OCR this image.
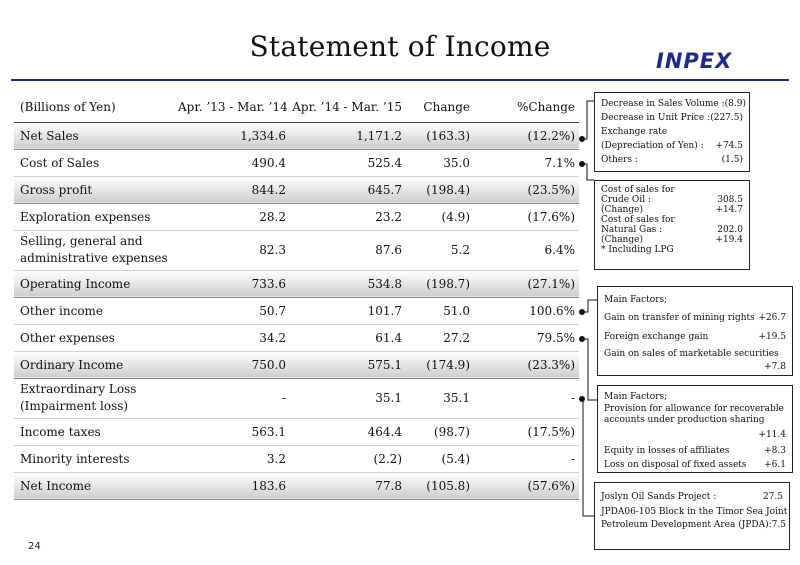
Statement of Income	INPEX
(Billions of Yen)	Apr. ’13 - Mar. ’14	Apr. ’14 - Mar. ’15	Change	%Change
Net Sales	1,334.6	1,171.2	(163.3)	(12.2%)
Cost of Sales	490.4	525.4	35.0	7.1%
Gross profit	844.2	645.7	(198.4)	(23.5%)
Exploration expenses	28.2	23.2	(4.9)	(17.6%)
Selling, general and administrative expenses	82.3	87.6	5.2	6.4%
Operating Income	733.6	534.8	(198.7)	(27.1%)
Other income	50.7	101.7	51.0	100.6%
Other expenses	34.2	61.4	27.2	79.5%
Ordinary Income	750.0	575.1	(174.9)	(23.3%)
Extraordinary Loss (Impairment loss)	-	35.1	35.1	-
Income taxes	563.1	464.4	(98.7)	(17.5%)
Minority interests	3.2	(2.2)	(5.4)	-
Net Income	183.6	77.8	(105.8)	(57.6%)
Decrease in Sales Volume : (8.9)
Decrease in Unit Price : (227.5)
Exchange rate
(Depreciation of Yen) : +74.5
Others :	(1.5)
Cost of sales for
Crude Oil :	308.5
(Change)	+14.7
Cost of sales for
Natural Gas :	202.0
(Change)	+19.4
* Including LPG
Main Factors;
Gain on transfer of mining rights +26.7
Foreign exchange gain	+19.5
Gain on sales of marketable securities
+7.8
Main Factors;
Provision for allowance for recoverable
accounts under production sharing
+11.4
Equity in losses of affiliates	+8.3
Loss on disposal of fixed assets +6.1
Joslyn Oil Sands Project :	27.5
JPDA06-105 Block in the Timor Sea Joint
Petroleum Development Area (JPDA): 7.5
24
